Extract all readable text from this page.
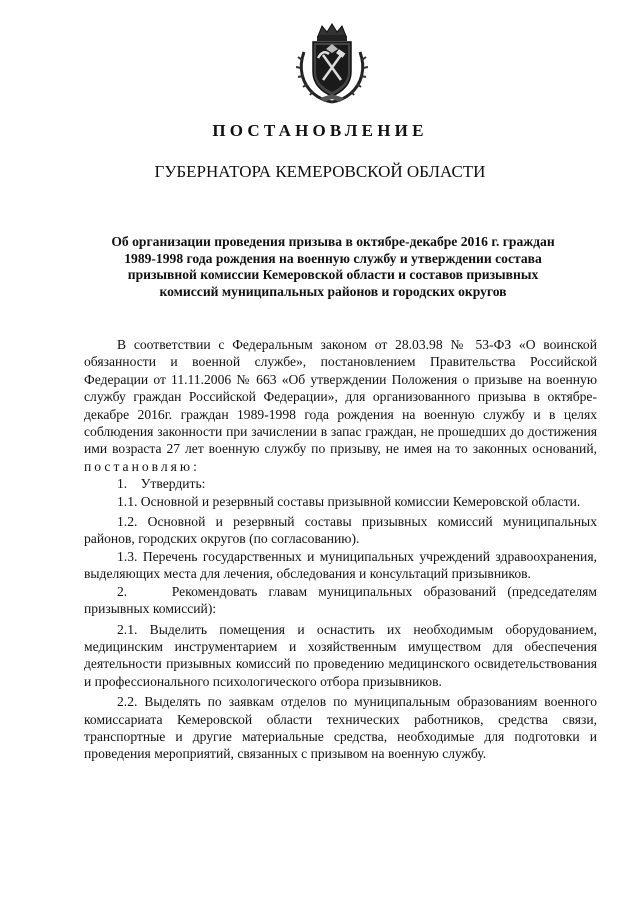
ПОСТАНОВЛЕНИЕ
ГУБЕРНАТОРА КЕМЕРОВСКОЙ ОБЛАСТИ
Об организации проведения призыва в октябре-декабре 2016 г. граждан 1989-1998 года рождения на военную службу и утверждении состава призывной комиссии Кемеровской области и составов призывных комиссий муниципальных районов и городских округов

В соответствии с Федеральным законом от 28.03.98 № 53-ФЗ «О воинской обязанности и военной службе», постановлением Правительства Российской Федерации от 11.11.2006 № 663 «Об утверждении Положения о призыве на военную службу граждан Российской Федерации», для организованного призыва в октябре-декабре 2016г. граждан 1989-1998 года рождения на военную службу и в целях соблюдения законности при зачислении в запас граждан, не прошедших до достижения ими возраста 27 лет военную службу по призыву, не имея на то законных оснований, постановляю:

1.    Утвердить:

1.1. Основной и резервный составы призывной комиссии Кемеровской области.

1.2. Основной и резервный составы призывных комиссий муниципальных районов, городских округов (по согласованию).

1.3. Перечень государственных и муниципальных учреждений здравоохранения, выделяющих места для лечения, обследования и консультаций призывников.

2.    Рекомендовать главам муниципальных образований (председателям призывных комиссий):

2.1. Выделить помещения и оснастить их необходимым оборудованием, медицинским инструментарием и хозяйственным имуществом для обеспечения деятельности призывных комиссий по проведению медицинского освидетельствования и профессионального психологического отбора призывников.

2.2. Выделять по заявкам отделов по муниципальным образованиям военного комиссариата Кемеровской области технических работников, средства связи, транспортные и другие материальные средства, необходимые для подготовки и проведения мероприятий, связанных с призывом на военную службу.
